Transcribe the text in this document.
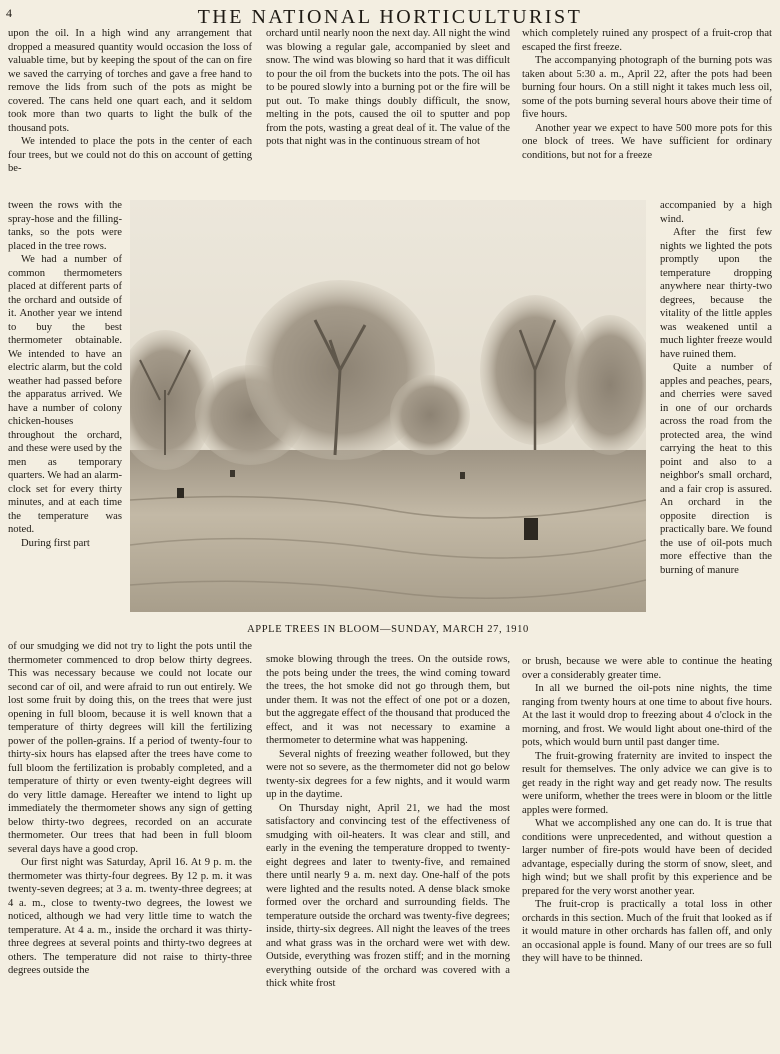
4	THE NATIONAL HORTICULTURIST

upon the oil. In a high wind any arrangement that dropped a measured quantity would occasion the loss of valuable time, but by keeping the spout of the can on fire we saved the carrying of torches and gave a free hand to remove the lids from such of the pots as might be covered. The cans held one quart each, and it seldom took more than two quarts to light the bulk of the thousand pots.

We intended to place the pots in the center of each four trees, but we could not do this on account of getting be-

orchard until nearly noon the next day. All night the wind was blowing a regular gale, accompanied by sleet and snow. The wind was blowing so hard that it was difficult to pour the oil from the buckets into the pots. The oil has to be poured slowly into a burning pot or the fire will be put out. To make things doubly difficult, the snow, melting in the pots, caused the oil to sputter and pop from the pots, wasting a great deal of it. The value of the pots that night was in the continuous stream of hot

which completely ruined any prospect of a fruit-crop that escaped the first freeze.

The accompanying photograph of the burning pots was taken about 5:30 a. m., April 22, after the pots had been burning four hours. On a still night it takes much less oil, some of the pots burning several hours above their time of five hours.

Another year we expect to have 500 more pots for this one block of trees. We have sufficient for ordinary conditions, but not for a freeze

tween the rows with the spray-hose and the filling-tanks, so the pots were placed in the tree rows.

We had a number of common thermometers placed at different parts of the orchard and outside of it. Another year we intend to buy the best thermometer obtainable. We intended to have an electric alarm, but the cold weather had passed before the apparatus arrived. We have a number of colony chicken-houses throughout the orchard, and these were used by the men as temporary quarters. We had an alarm-clock set for every thirty minutes, and at each time the temperature was noted.

During first part

APPLE TREES IN BLOOM—SUNDAY, MARCH 27, 1910

accompanied by a high wind.

After the first few nights we lighted the pots promptly upon the temperature dropping anywhere near thirty-two degrees, because the vitality of the little apples was weakened until a much lighter freeze would have ruined them.

Quite a number of apples and peaches, pears, and cherries were saved in one of our orchards across the road from the protected area, the wind carrying the heat to this point and also to a neighbor's small orchard, and a fair crop is assured. An orchard in the opposite direction is practically bare. We found the use of oil-pots much more effective than the burning of manure

of our smudging we did not try to light the pots until the thermometer commenced to drop below thirty degrees. This was necessary because we could not locate our second car of oil, and were afraid to run out entirely. We lost some fruit by doing this, on the trees that were just opening in full bloom, because it is well known that a temperature of thirty degrees will kill the fertilizing power of the pollen-grains. If a period of twenty-four to thirty-six hours has elapsed after the trees have come to full bloom the fertilization is probably completed, and a temperature of thirty or even twenty-eight degrees will do very little damage. Hereafter we intend to light up immediately the thermometer shows any sign of getting below thirty-two degrees, recorded on an accurate thermometer. Our trees that had been in full bloom several days have a good crop.

Our first night was Saturday, April 16. At 9 p. m. the thermometer was thirty-four degrees. By 12 p. m. it was twenty-seven degrees; at 3 a. m. twenty-three degrees; at 4 a. m., close to twenty-two degrees, the lowest we noticed, although we had very little time to watch the temperature. At 4 a. m., inside the orchard it was thirty-three degrees at several points and thirty-two degrees at others. The temperature did not raise to thirty-three degrees outside the

smoke blowing through the trees. On the outside rows, the pots being under the trees, the wind coming toward the trees, the hot smoke did not go through them, but under them. It was not the effect of one pot or a dozen, but the aggregate effect of the thousand that produced the effect, and it was not necessary to examine a thermometer to determine what was happening.

Several nights of freezing weather followed, but they were not so severe, as the thermometer did not go below twenty-six degrees for a few nights, and it would warm up in the daytime.

On Thursday night, April 21, we had the most satisfactory and convincing test of the effectiveness of smudging with oil-heaters. It was clear and still, and early in the evening the temperature dropped to twenty-eight degrees and later to twenty-five, and remained there until nearly 9 a. m. next day. One-half of the pots were lighted and the results noted. A dense black smoke formed over the orchard and surrounding fields. The temperature outside the orchard was twenty-five degrees; inside, thirty-six degrees. All night the leaves of the trees and what grass was in the orchard were wet with dew. Outside, everything was frozen stiff; and in the morning everything outside of the orchard was covered with a thick white frost

or brush, because we were able to continue the heating over a considerably greater time.

In all we burned the oil-pots nine nights, the time ranging from twenty hours at one time to about five hours. At the last it would drop to freezing about 4 o'clock in the morning, and frost. We would light about one-third of the pots, which would burn until past danger time.

The fruit-growing fraternity are invited to inspect the result for themselves. The only advice we can give is to get ready in the right way and get ready now. The results were uniform, whether the trees were in bloom or the little apples were formed.

What we accomplished any one can do. It is true that conditions were unprecedented, and without question a larger number of fire-pots would have been of decided advantage, especially during the storm of snow, sleet, and high wind; but we shall profit by this experience and be prepared for the very worst another year.

The fruit-crop is practically a total loss in other orchards in this section. Much of the fruit that looked as if it would mature in other orchards has fallen off, and only an occasional apple is found. Many of our trees are so full they will have to be thinned.
